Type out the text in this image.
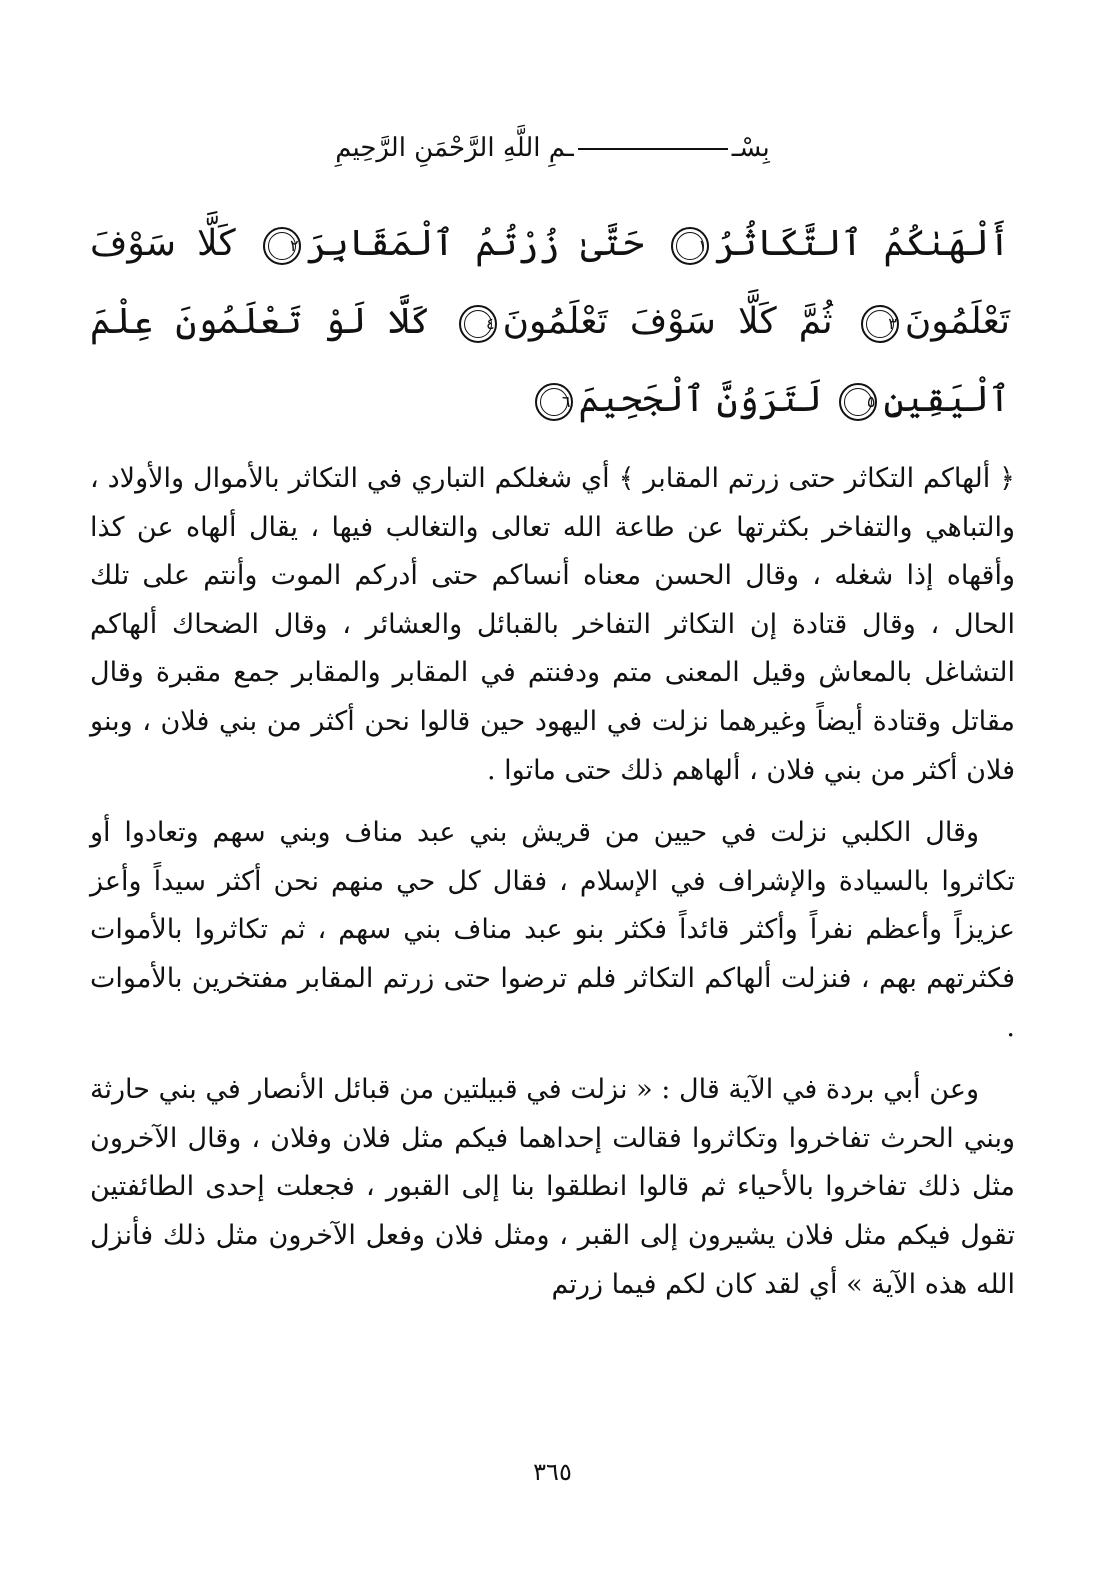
بِسْــمِ اللَّهِ الرَّحْمَنِ الرَّحِيمِ
أَلْهَىٰكُمُ ٱلتَّكَاثُرُ١ حَتَّىٰ زُرْتُمُ ٱلْمَقَابِرَ٢ كَلَّا سَوْفَ تَعْلَمُونَ٣ ثُمَّ كَلَّا سَوْفَ تَعْلَمُونَ٤ كَلَّا لَوْ تَعْلَمُونَ عِلْمَ ٱلْيَقِينِ٥ لَتَرَوُنَّ ٱلْجَحِيمَ٦

﴿ ألهاكم التكاثر حتى زرتم المقابر ﴾ أي شغلكم التباري في التكاثر بالأموال والأولاد ، والتباهي والتفاخر بكثرتها عن طاعة الله تعالى والتغالب فيها ، يقال ألهاه عن كذا وأقهاه إذا شغله ، وقال الحسن معناه أنساكم حتى أدركم الموت وأنتم على تلك الحال ، وقال قتادة إن التكاثر التفاخر بالقبائل والعشائر ، وقال الضحاك ألهاكم التشاغل بالمعاش وقيل المعنى متم ودفنتم في المقابر والمقابر جمع مقبرة وقال مقاتل وقتادة أيضاً وغيرهما نزلت في اليهود حين قالوا نحن أكثر من بني فلان ، وبنو فلان أكثر من بني فلان ، ألهاهم ذلك حتى ماتوا .

وقال الكلبي نزلت في حيين من قريش بني عبد مناف وبني سهم وتعادوا أو تكاثروا بالسيادة والإشراف في الإسلام ، فقال كل حي منهم نحن أكثر سيداً وأعز عزيزاً وأعظم نفراً وأكثر قائداً فكثر بنو عبد مناف بني سهم ، ثم تكاثروا بالأموات فكثرتهم بهم ، فنزلت ألهاكم التكاثر فلم ترضوا حتى زرتم المقابر مفتخرين بالأموات .

وعن أبي بردة في الآية قال : « نزلت في قبيلتين من قبائل الأنصار في بني حارثة وبني الحرث تفاخروا وتكاثروا فقالت إحداهما فيكم مثل فلان وفلان ، وقال الآخرون مثل ذلك تفاخروا بالأحياء ثم قالوا انطلقوا بنا إلى القبور ، فجعلت إحدى الطائفتين تقول فيكم مثل فلان يشيرون إلى القبر ، ومثل فلان وفعل الآخرون مثل ذلك فأنزل الله هذه الآية » أي لقد كان لكم فيما زرتم

٣٦٥
